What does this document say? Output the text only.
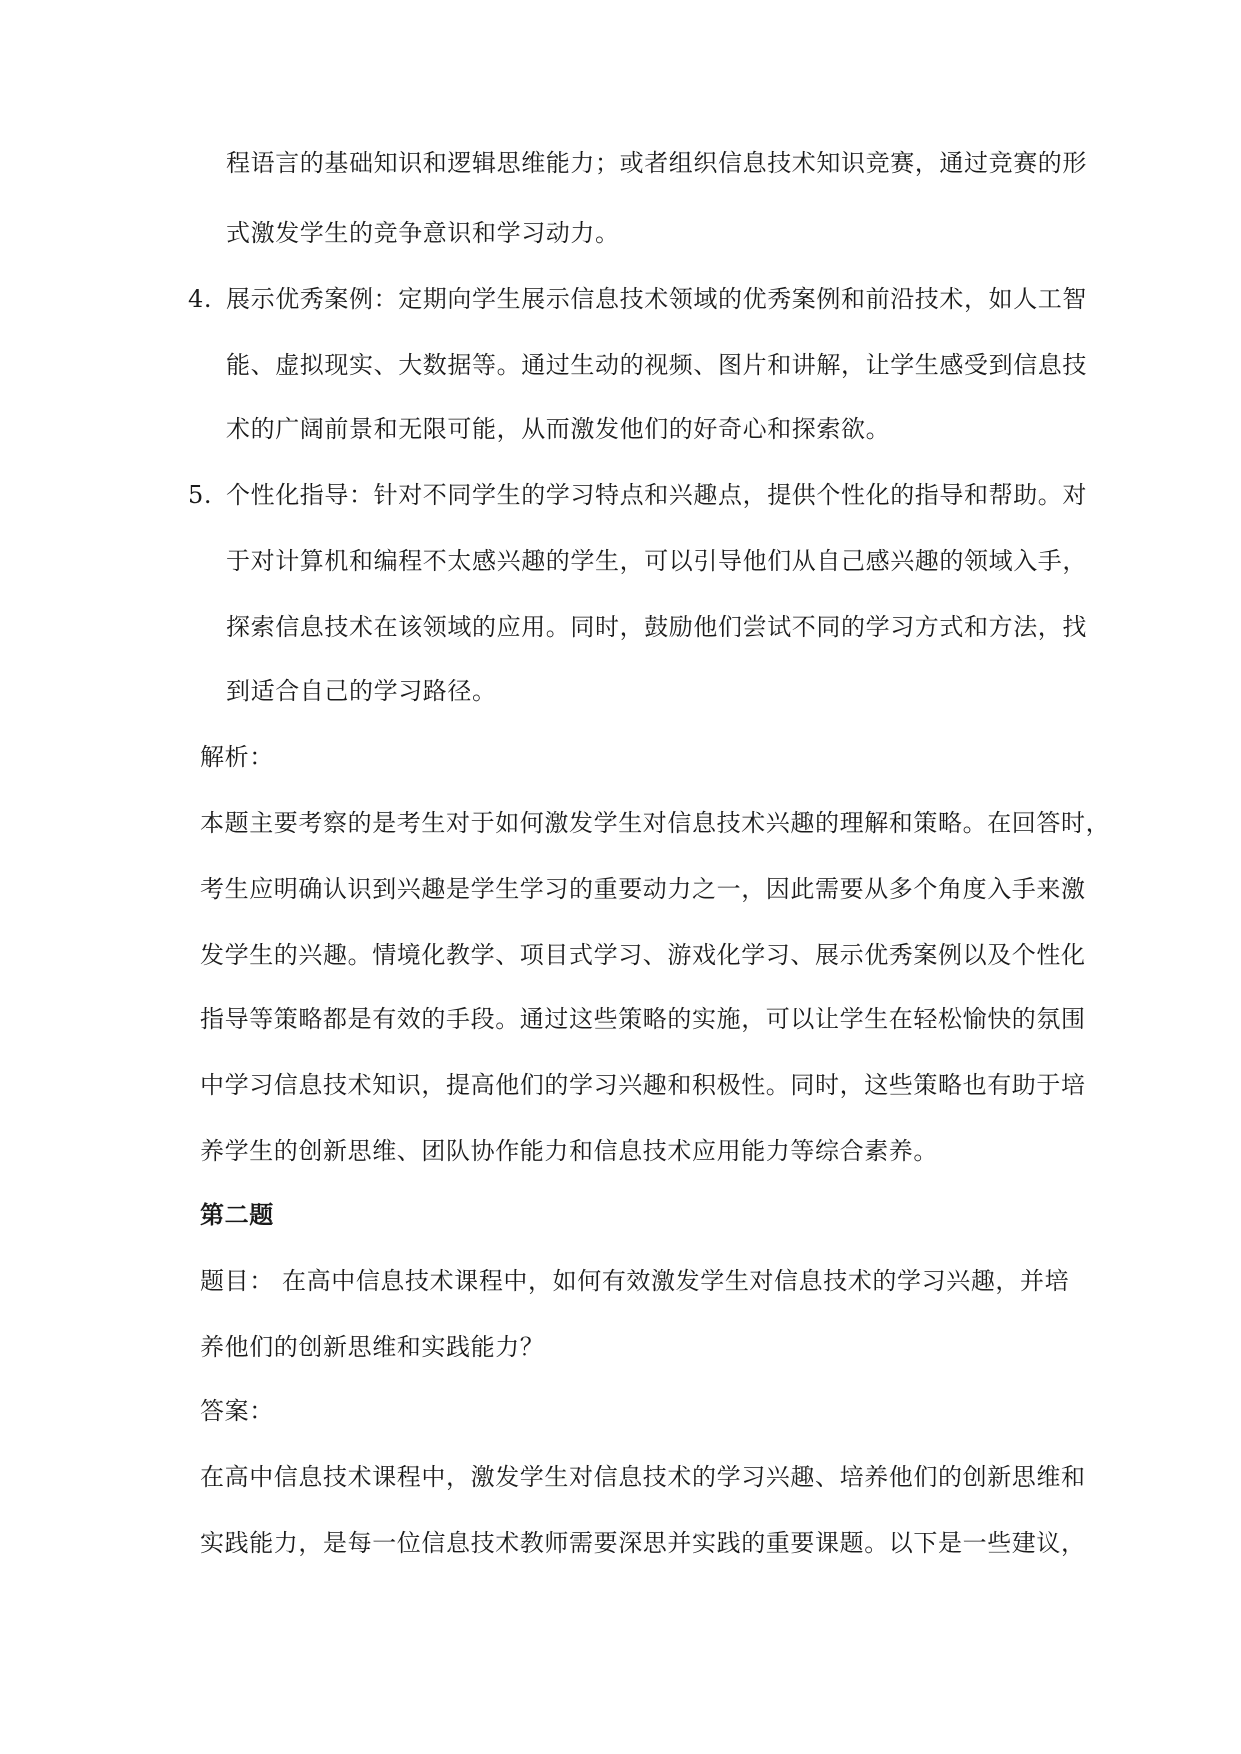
程语言的基础知识和逻辑思维能力；或者组织信息技术知识竞赛，通过竞赛的形
式激发学生的竞争意识和学习动力。
4. 展示优秀案例：定期向学生展示信息技术领域的优秀案例和前沿技术，如人工智
能、虚拟现实、大数据等。通过生动的视频、图片和讲解，让学生感受到信息技
术的广阔前景和无限可能，从而激发他们的好奇心和探索欲。
5. 个性化指导：针对不同学生的学习特点和兴趣点，提供个性化的指导和帮助。对
于对计算机和编程不太感兴趣的学生，可以引导他们从自己感兴趣的领域入手，
探索信息技术在该领域的应用。同时，鼓励他们尝试不同的学习方式和方法，找
到适合自己的学习路径。
解析：
本题主要考察的是考生对于如何激发学生对信息技术兴趣的理解和策略。在回答时，
考生应明确认识到兴趣是学生学习的重要动力之一，因此需要从多个角度入手来激
发学生的兴趣。情境化教学、项目式学习、游戏化学习、展示优秀案例以及个性化
指导等策略都是有效的手段。通过这些策略的实施，可以让学生在轻松愉快的氛围
中学习信息技术知识，提高他们的学习兴趣和积极性。同时，这些策略也有助于培
养学生的创新思维、团队协作能力和信息技术应用能力等综合素养。
第二题
题目： 在高中信息技术课程中，如何有效激发学生对信息技术的学习兴趣，并培
养他们的创新思维和实践能力？
答案：
在高中信息技术课程中，激发学生对信息技术的学习兴趣、培养他们的创新思维和
实践能力，是每一位信息技术教师需要深思并实践的重要课题。以下是一些建议，
